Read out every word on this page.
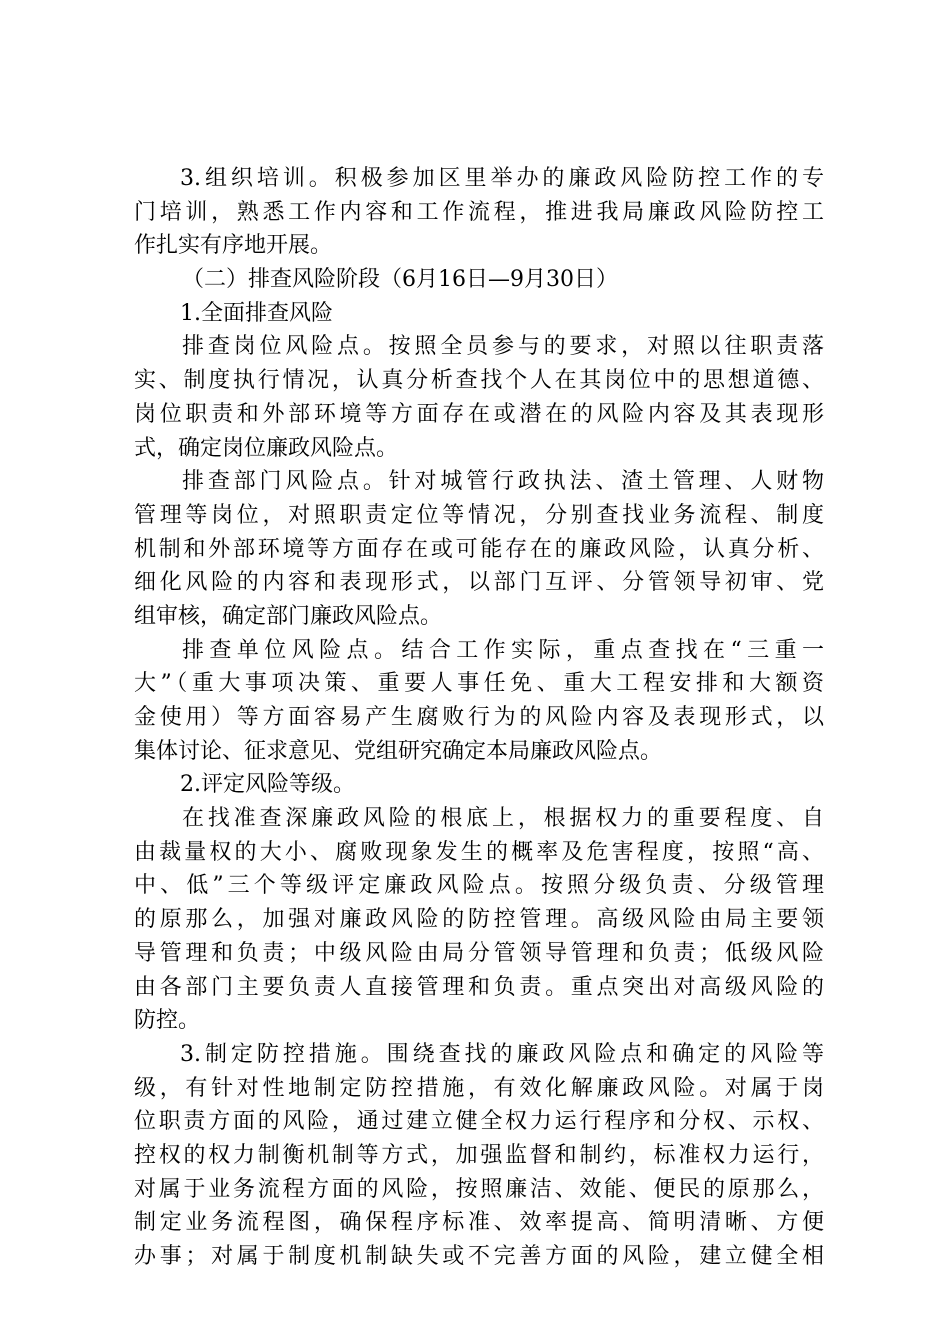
3.组织培训。积极参加区里举办的廉政风险防控工作的专
门培训，熟悉工作内容和工作流程，推进我局廉政风险防控工
作扎实有序地开展。
（二）排查风险阶段（6月16日—9月30日）
1.全面排查风险
排查岗位风险点。按照全员参与的要求，对照以往职责落
实、制度执行情况，认真分析查找个人在其岗位中的思想道德、
岗位职责和外部环境等方面存在或潜在的风险内容及其表现形
式，确定岗位廉政风险点。
排查部门风险点。针对城管行政执法、渣土管理、人财物
管理等岗位，对照职责定位等情况，分别查找业务流程、制度
机制和外部环境等方面存在或可能存在的廉政风险，认真分析、
细化风险的内容和表现形式，以部门互评、分管领导初审、党
组审核，确定部门廉政风险点。
排查单位风险点。结合工作实际，重点查找在“三重一
大”（重大事项决策、重要人事任免、重大工程安排和大额资
金使用）等方面容易产生腐败行为的风险内容及表现形式，以
集体讨论、征求意见、党组研究确定本局廉政风险点。
2.评定风险等级。
在找准查深廉政风险的根底上，根据权力的重要程度、自
由裁量权的大小、腐败现象发生的概率及危害程度，按照“高、
中、低”三个等级评定廉政风险点。按照分级负责、分级管理
的原那么，加强对廉政风险的防控管理。高级风险由局主要领
导管理和负责；中级风险由局分管领导管理和负责；低级风险
由各部门主要负责人直接管理和负责。重点突出对高级风险的
防控。
3.制定防控措施。围绕查找的廉政风险点和确定的风险等
级，有针对性地制定防控措施，有效化解廉政风险。对属于岗
位职责方面的风险，通过建立健全权力运行程序和分权、示权、
控权的权力制衡机制等方式，加强监督和制约，标准权力运行，
对属于业务流程方面的风险，按照廉洁、效能、便民的原那么，
制定业务流程图，确保程序标准、效率提高、简明清晰、方便
办事；对属于制度机制缺失或不完善方面的风险，建立健全相
